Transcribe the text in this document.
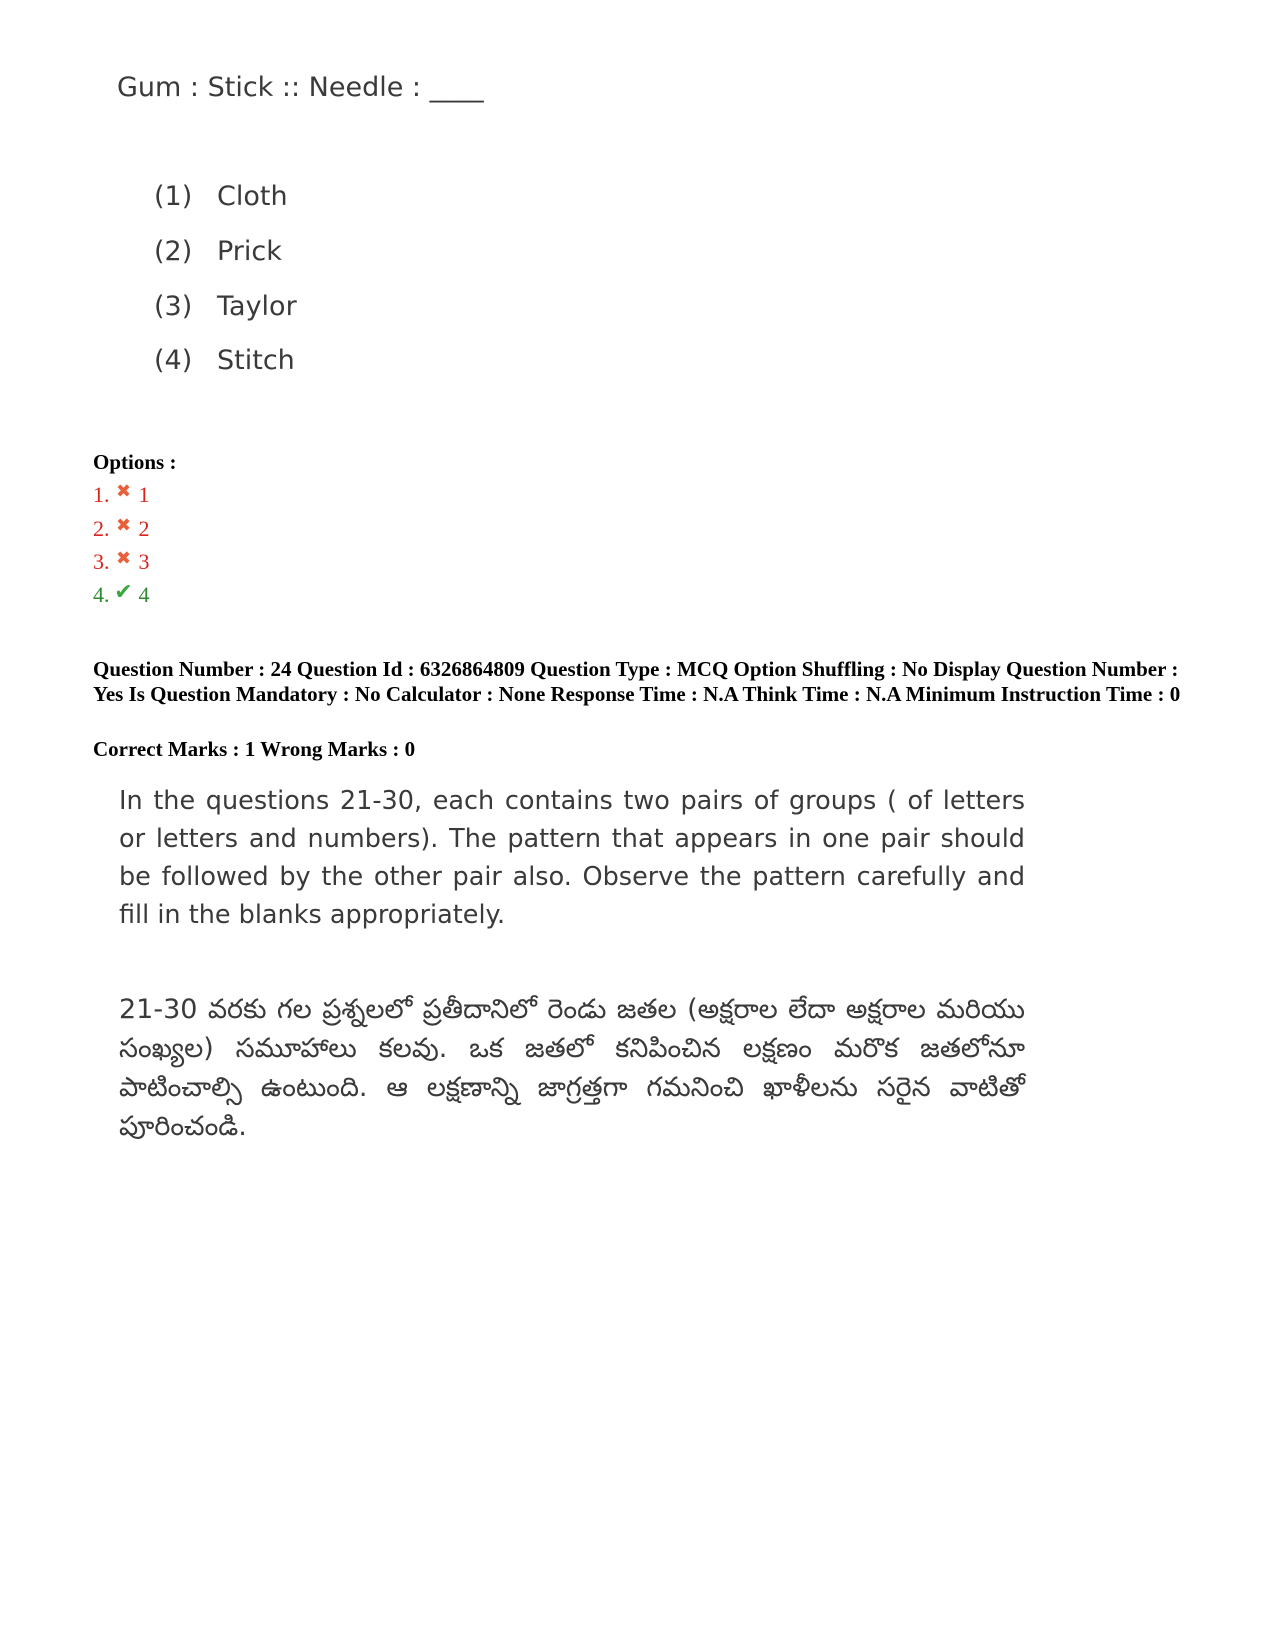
Gum : Stick :: Needle : ____
(1) Cloth
(2) Prick
(3) Taylor
(4) Stitch
Options :
1. ✖ 1
2. ✖ 2
3. ✖ 3
4. ✔ 4
Question Number : 24 Question Id : 6326864809 Question Type : MCQ Option Shuffling : No Display Question Number : Yes Is Question Mandatory : No Calculator : None Response Time : N.A Think Time : N.A Minimum Instruction Time : 0
Correct Marks : 1 Wrong Marks : 0
In the questions 21-30, each contains two pairs of groups ( of letters or letters and numbers). The pattern that appears in one pair should be followed by the other pair also. Observe the pattern carefully and fill in the blanks appropriately.
21-30 వరకు గల ప్రశ్నలలో ప్రతీదానిలో రెండు జతల (అక్షరాల లేదా అక్షరాల మరియు సంఖ్యల) సమూహాలు కలవు. ఒక జతలో కనిపించిన లక్షణం మరొక జతలోనూ పాటించాల్సి ఉంటుంది. ఆ లక్షణాన్ని జాగ్రత్తగా గమనించి ఖాళీలను సరైన వాటితో పూరించండి.
